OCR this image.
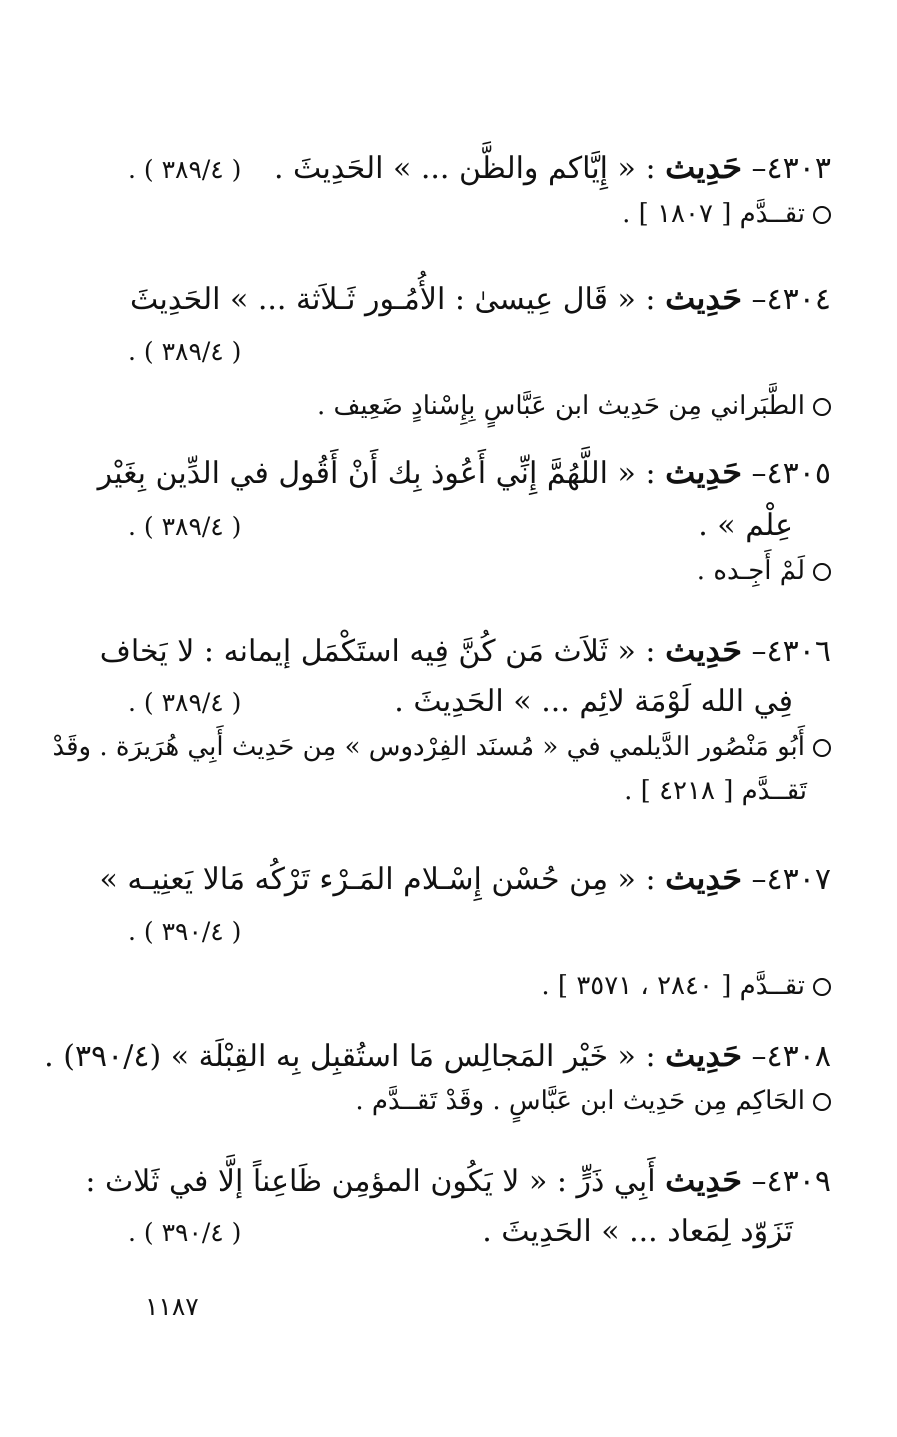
٤٣٠٣– حَدِيث : « إِيَّاكم والظَّن ... » الحَدِيثَ .
( ٣٨٩/٤ ) .
تقــدَّم [ ١٨٠٧ ] .
٤٣٠٤– حَدِيث : « قَال عِيسىٰ : الأُمُـور ثَـلاَثة ... » الحَدِيثَ
( ٣٨٩/٤ ) .
الطَّبَراني مِن حَدِيث ابن عَبَّاسٍ بِإِسْنادٍ ضَعِيف .
٤٣٠٥– حَدِيث : « اللَّهُمَّ إِنِّي أَعُوذ بِك أَنْ أَقُول في الدِّين بِغَيْر
عِلْم » .
( ٣٨٩/٤ ) .
لَمْ أَجِـده .
٤٣٠٦– حَدِيث : « ثَلاَث مَن كُنَّ فِيه استَكْمَل إيمانه : لا يَخاف
فِي الله لَوْمَة لائِم ... » الحَدِيثَ .
( ٣٨٩/٤ ) .
أَبُو مَنْصُور الدَّيلمي في « مُسنَد الفِرْدوس » مِن حَدِيث أَبِي هُرَيرَة . وقَدْ
تَقــدَّم [ ٤٢١٨ ] .
٤٣٠٧– حَدِيث : « مِن حُسْن إِسْـلام المَـرْء تَرْكُه مَالا يَعنِيـه »
( ٣٩٠/٤ ) .
تقــدَّم [ ٢٨٤٠ ، ٣٥٧١ ] .
٤٣٠٨– حَدِيث : « خَيْر المَجالِس مَا استُقبِل بِه القِبْلَة » (٣٩٠/٤) .
الحَاكِم مِن حَدِيث ابن عَبَّاسٍ . وقَدْ تَقــدَّم .
٤٣٠٩– حَدِيث أَبِي ذَرٍّ : « لا يَكُون المؤمِن ظَاعِناً إلَّا في ثَلاث :
تَزَوّد لِمَعاد ... » الحَدِيثَ .
( ٣٩٠/٤ ) .
١١٨٧
